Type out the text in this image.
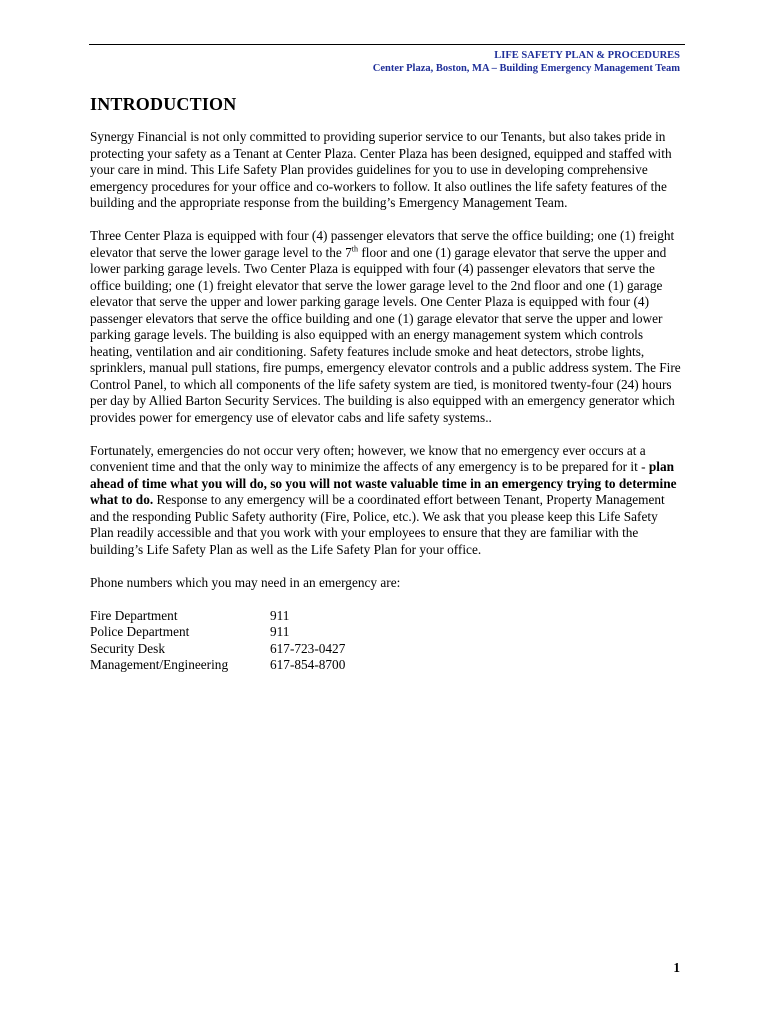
LIFE SAFETY PLAN & PROCEDURES
Center Plaza, Boston, MA – Building Emergency Management Team
INTRODUCTION

Synergy Financial is not only committed to providing superior service to our Tenants, but also takes pride in protecting your safety as a Tenant at Center Plaza. Center Plaza has been designed, equipped and staffed with your care in mind. This Life Safety Plan provides guidelines for you to use in developing comprehensive emergency procedures for your office and co-workers to follow. It also outlines the life safety features of the building and the appropriate response from the building’s Emergency Management Team.

Three Center Plaza is equipped with four (4) passenger elevators that serve the office building; one (1) freight elevator that serve the lower garage level to the 7th floor and one (1) garage elevator that serve the upper and lower parking garage levels. Two Center Plaza is equipped with four (4) passenger elevators that serve the office building; one (1) freight elevator that serve the lower garage level to the 2nd floor and one (1) garage elevator that serve the upper and lower parking garage levels. One Center Plaza is equipped with four (4) passenger elevators that serve the office building and one (1) garage elevator that serve the upper and lower parking garage levels. The building is also equipped with an energy management system which controls heating, ventilation and air conditioning. Safety features include smoke and heat detectors, strobe lights, sprinklers, manual pull stations, fire pumps, emergency elevator controls and a public address system. The Fire Control Panel, to which all components of the life safety system are tied, is monitored twenty-four (24) hours per day by Allied Barton Security Services. The building is also equipped with an emergency generator which provides power for emergency use of elevator cabs and life safety systems..

Fortunately, emergencies do not occur very often; however, we know that no emergency ever occurs at a convenient time and that the only way to minimize the affects of any emergency is to be prepared for it - plan ahead of time what you will do, so you will not waste valuable time in an emergency trying to determine what to do. Response to any emergency will be a coordinated effort between Tenant, Property Management and the responding Public Safety authority (Fire, Police, etc.). We ask that you please keep this Life Safety Plan readily accessible and that you work with your employees to ensure that they are familiar with the building’s Life Safety Plan as well as the Life Safety Plan for your office.

Phone numbers which you may need in an emergency are:

Fire Department	911
Police Department	911
Security Desk	617-723-0427
Management/Engineering	617-854-8700
1
